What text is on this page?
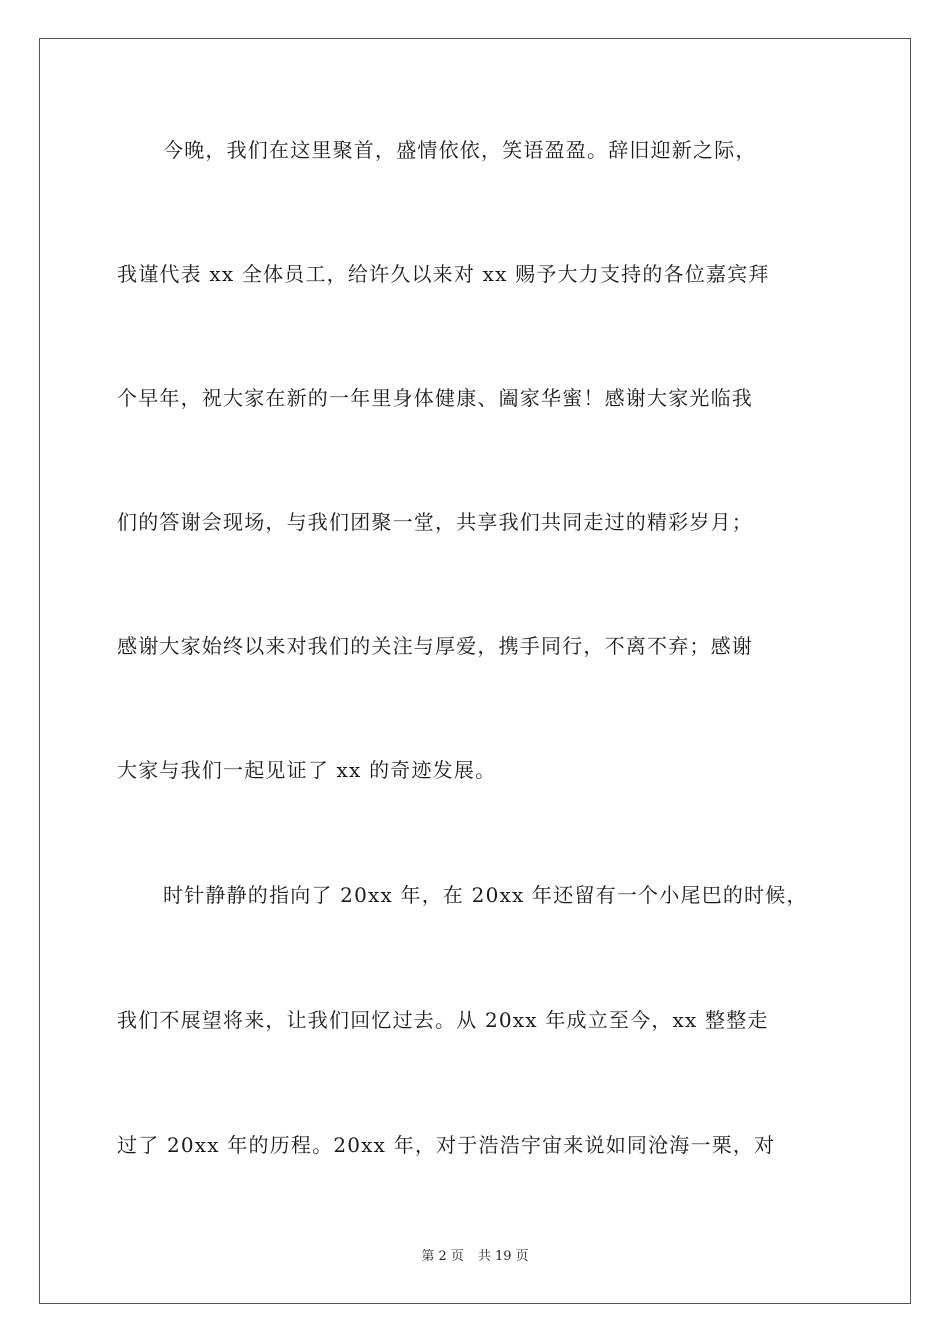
今晚，我们在这里聚首，盛情依依，笑语盈盈。辞旧迎新之际，
我谨代表 xx 全体员工，给许久以来对 xx 赐予大力支持的各位嘉宾拜
个早年，祝大家在新的一年里身体健康、阖家华蜜！感谢大家光临我
们的答谢会现场，与我们团聚一堂，共享我们共同走过的精彩岁月；
感谢大家始终以来对我们的关注与厚爱，携手同行，不离不弃；感谢
大家与我们一起见证了 xx 的奇迹发展。
时针静静的指向了 20xx 年，在 20xx 年还留有一个小尾巴的时候，
我们不展望将来，让我们回忆过去。从 20xx 年成立至今，xx 整整走
过了 20xx 年的历程。20xx 年，对于浩浩宇宙来说如同沧海一栗，对
第 2 页 共 19 页
